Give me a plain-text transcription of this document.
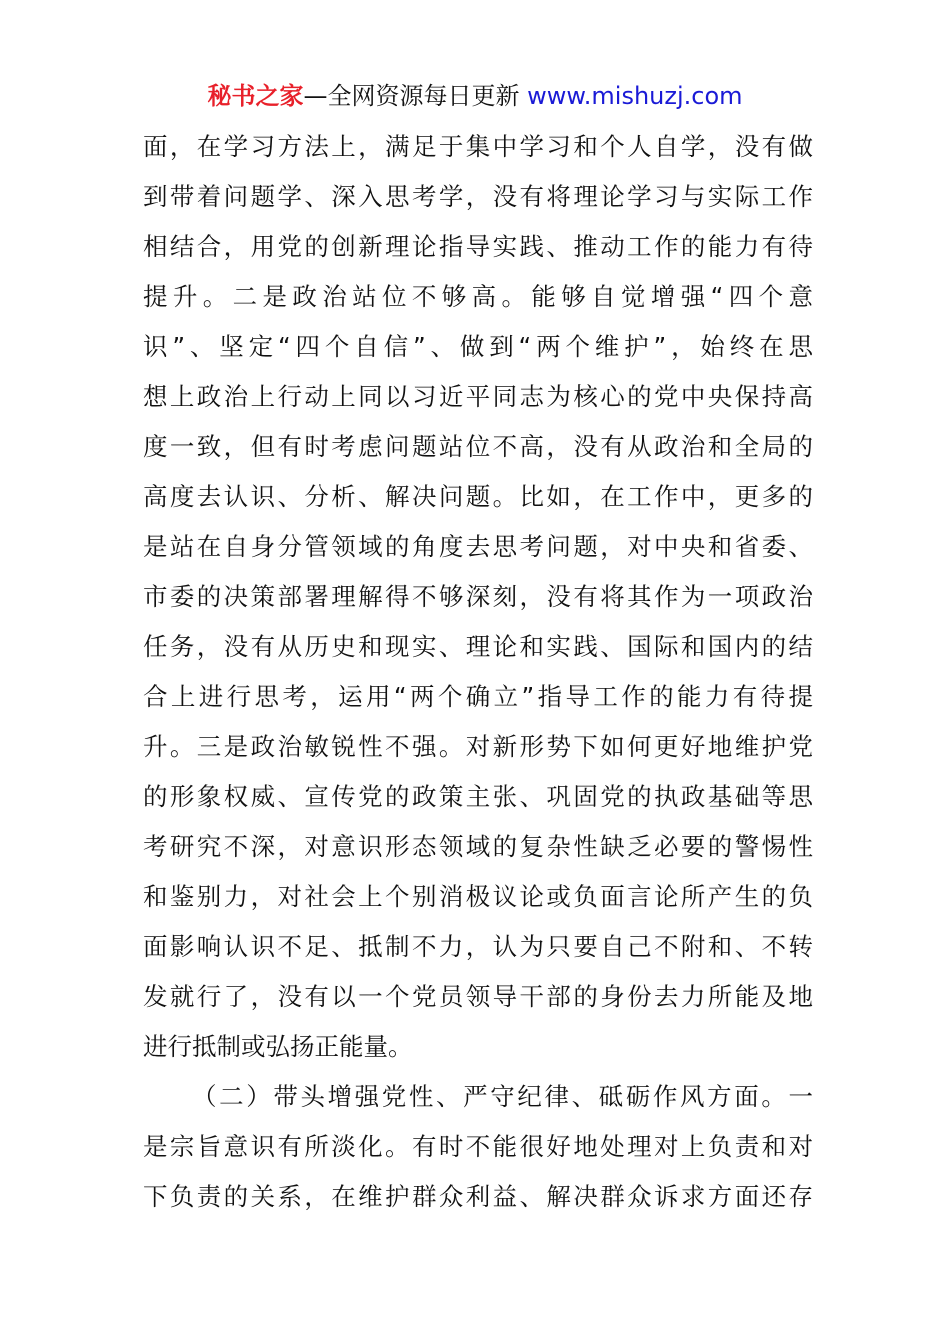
秘书之家—全网资源每日更新 www.mishuzj.com
面，在学习方法上，满足于集中学习和个人自学，没有做
到带着问题学、深入思考学，没有将理论学习与实际工作
相结合，用党的创新理论指导实践、推动工作的能力有待
提升。二是政治站位不够高。能够自觉增强“四个意
识”、坚定“四个自信”、做到“两个维护”，始终在思
想上政治上行动上同以习近平同志为核心的党中央保持高
度一致，但有时考虑问题站位不高，没有从政治和全局的
高度去认识、分析、解决问题。比如，在工作中，更多的
是站在自身分管领域的角度去思考问题，对中央和省委、
市委的决策部署理解得不够深刻，没有将其作为一项政治
任务，没有从历史和现实、理论和实践、国际和国内的结
合上进行思考，运用“两个确立”指导工作的能力有待提
升。三是政治敏锐性不强。对新形势下如何更好地维护党
的形象权威、宣传党的政策主张、巩固党的执政基础等思
考研究不深，对意识形态领域的复杂性缺乏必要的警惕性
和鉴别力，对社会上个别消极议论或负面言论所产生的负
面影响认识不足、抵制不力，认为只要自己不附和、不转
发就行了，没有以一个党员领导干部的身份去力所能及地
进行抵制或弘扬正能量。
（二）带头增强党性、严守纪律、砥砺作风方面。一
是宗旨意识有所淡化。有时不能很好地处理对上负责和对
下负责的关系，在维护群众利益、解决群众诉求方面还存
